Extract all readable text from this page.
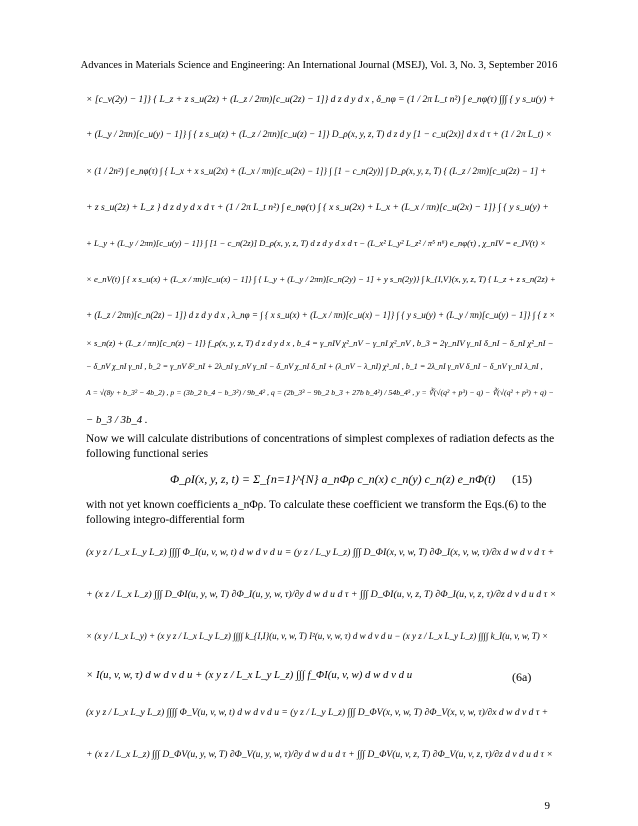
Advances in Materials Science and Engineering: An International Journal (MSEJ), Vol. 3, No. 3, September 2016
× [c_v(2y) − 1]} { L_z + z s_u(2z) + (L_z / 2πn)[c_u(2z) − 1]} d z d y d x , δ_nφ = (1 / 2π L_t n²) ∫ e_nφ(τ) ∫∫∫ { y s_u(y) +
+ (L_y / 2πn)[c_u(y) − 1]} ∫ { z s_u(z) + (L_z / 2πn)[c_u(z) − 1]} D_ρ(x, y, z, T) d z d y [1 − c_u(2x)] d x d τ + (1 / 2π L_t) ×
× (1 / 2n²) ∫ e_nφ(τ) ∫ { L_x + x s_u(2x) + (L_x / πn)[c_u(2x) − 1]} ∫ [1 − c_n(2y)] ∫ D_ρ(x, y, z, T) { (L_z / 2πn)[c_u(2z) − 1] +
+ z s_u(2z) + L_z } d z d y d x d τ + (1 / 2π L_t n²) ∫ e_nφ(τ) ∫ { x s_u(2x) + L_x + (L_x / πn)[c_u(2x) − 1]} ∫ { y s_u(y) +
+ L_y + (L_y / 2πn)[c_u(y) − 1]} ∫ [1 − c_n(2z)] D_ρ(x, y, z, T) d z d y d x d τ − (L_x² L_y² L_z² / π⁵ n⁶) e_nφ(τ) , χ_nIV = e_IV(t) ×
× e_nV(t) ∫ { x s_u(x) + (L_x / πn)[c_u(x) − 1]} ∫ { L_y + (L_y / 2πn)[c_n(2y) − 1] + y s_n(2y)} ∫ k_{I,V}(x, y, z, T) { L_z + z s_n(2z) +
+ (L_z / 2πn)[c_n(2z) − 1]} d z d y d x , λ_nφ = ∫ { x s_u(x) + (L_x / πn)[c_u(x) − 1]} ∫ { y s_u(y) + (L_y / πn)[c_u(y) − 1]} ∫ { z ×
× s_n(z) + (L_z / πn)[c_n(z) − 1]} f_ρ(x, y, z, T) d z d y d x , b_4 = γ_nIV χ²_nV − γ_nI χ²_nV , b_3 = 2γ_nIV γ_nI δ_nI − δ_nI χ²_nI −
− δ_nV χ_nI γ_nI , b_2 = γ_nV δ²_nI + 2λ_nI γ_nV γ_nI − δ_nV χ_nI δ_nI + (λ_nV − λ_nI) χ²_nI , b_1 = 2λ_nI γ_nV δ_nI − δ_nV γ_nI λ_nI ,
A = √(8y + b_3² − 4b_2) , p = (3b_2 b_4 − b_3²) / 9b_4² , q = (2b_3³ − 9b_2 b_3 + 27b b_4²) / 54b_4³ , y = ∛(√(q² + p³) − q) − ∛(√(q² + p³) + q) −
− b_3 / 3b_4 .
Now we will calculate distributions of concentrations of simplest complexes of radiation defects as the following functional series
Φ_ρI(x, y, z, t) = Σ_{n=1}^{N} a_nΦρ c_n(x) c_n(y) c_n(z) e_nΦ(t) (15)
with not yet known coefficients a_nΦρ. To calculate these coefficient we transform the Eqs.(6) to the following integro-differential form
(x y z / L_x L_y L_z) ∫∫∫∫ Φ_I(u, v, w, t) d w d v d u = (y z / L_y L_z) ∫∫∫ D_ΦI(x, v, w, T) ∂Φ_I(x, v, w, τ)/∂x d w d v d τ +
+ (x z / L_x L_z) ∫∫∫ D_ΦI(u, y, w, T) ∂Φ_I(u, y, w, τ)/∂y d w d u d τ + ∫∫∫ D_ΦI(u, v, z, T) ∂Φ_I(u, v, z, τ)/∂z d v d u d τ ×
× (x y / L_x L_y) + (x y z / L_x L_y L_z) ∫∫∫∫ k_{I,I}(u, v, w, T) I²(u, v, w, τ) d w d v d u − (x y z / L_x L_y L_z) ∫∫∫∫ k_I(u, v, w, T) ×
× I(u, v, w, τ) d w d v d u + (x y z / L_x L_y L_z) ∫∫∫ f_ΦI(u, v, w) d w d v d u	(6a)
(x y z / L_x L_y L_z) ∫∫∫∫ Φ_V(u, v, w, t) d w d v d u = (y z / L_y L_z) ∫∫∫ D_ΦV(x, v, w, T) ∂Φ_V(x, v, w, τ)/∂x d w d v d τ +
+ (x z / L_x L_z) ∫∫∫ D_ΦV(u, y, w, T) ∂Φ_V(u, y, w, τ)/∂y d w d u d τ + ∫∫∫ D_ΦV(u, v, z, T) ∂Φ_V(u, v, z, τ)/∂z d v d u d τ ×
9
